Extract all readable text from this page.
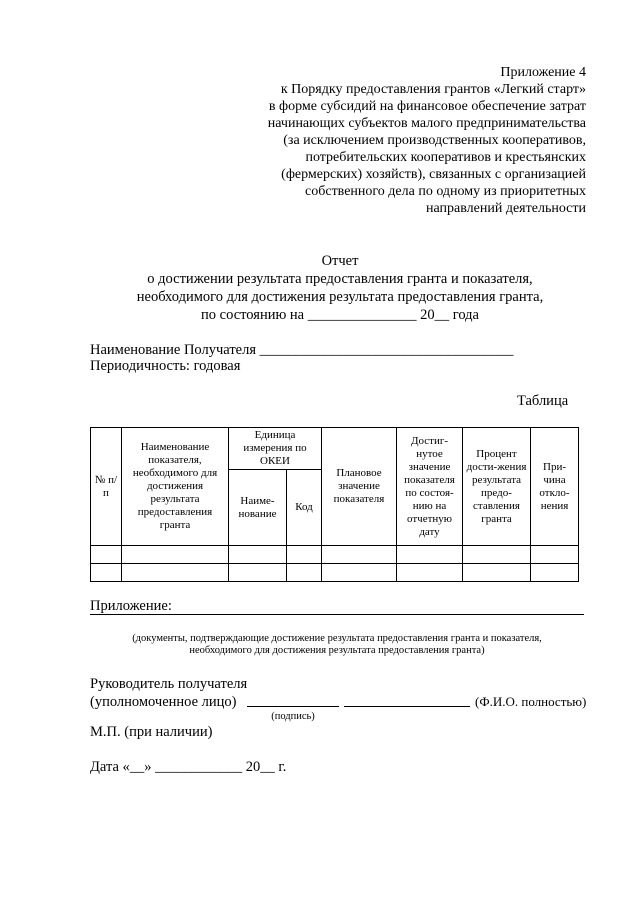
Приложение 4
к Порядку предоставления грантов «Легкий старт»
в форме субсидий на финансовое обеспечение затрат
начинающих субъектов малого предпринимательства
(за исключением производственных кооперативов,
потребительских кооперативов и крестьянских
(фермерских) хозяйств), связанных с организацией
собственного дела по одному из приоритетных
направлений деятельности
Отчет
о достижении результата предоставления гранта и показателя,
необходимого для достижения результата предоставления гранта,
по состоянию на _______________ 20__ года
Наименование Получателя ___________________________________
Периодичность: годовая
Таблица
№ п/п	Наименование показателя, необходимого для достижения результата предоставления гранта	Единица измерения по ОКЕИ		Плановое значение показателя	Достиг-нутое значение показателя по состоя-нию на отчетную дату	Процент дости-жения результата предо-ставления гранта	При-чина откло-нения
		Наиме-нование	Код				

Приложение:
(документы, подтверждающие достижение результата предоставления гранта и показателя,
необходимого для достижения результата предоставления гранта)
Руководитель получателя
(уполномоченное лицо)	(Ф.И.О. полностью)
(подпись)
М.П. (при наличии)
Дата «__» ____________ 20__ г.
